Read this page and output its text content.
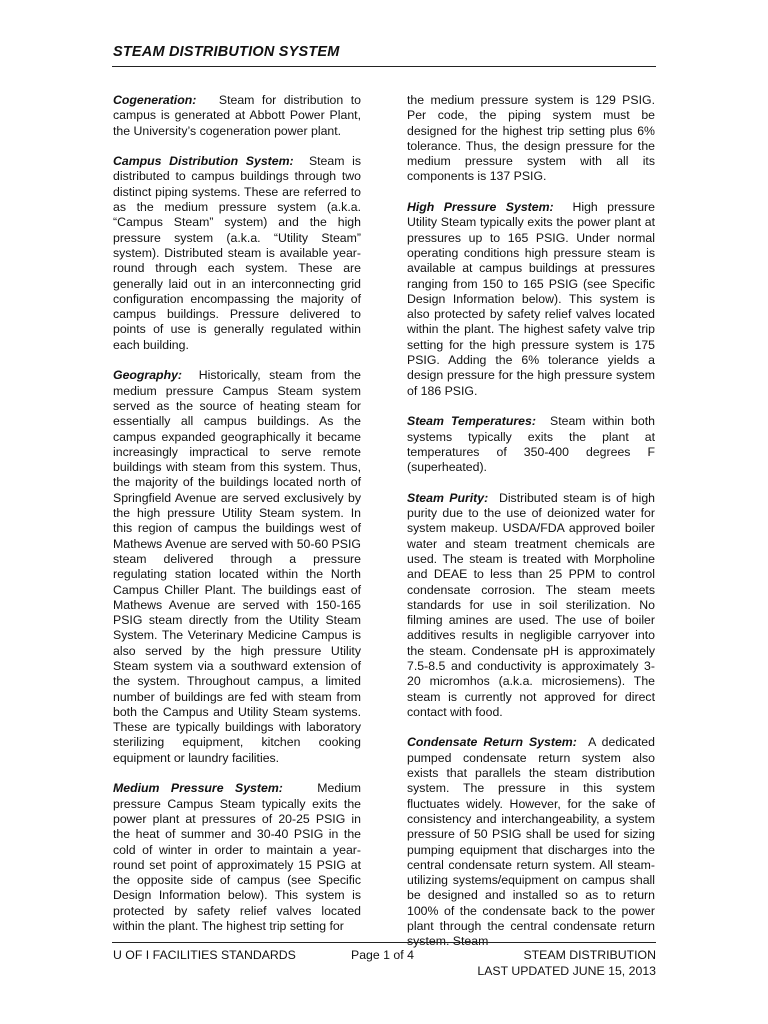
STEAM DISTRIBUTION SYSTEM

Cogeneration: Steam for distribution to campus is generated at Abbott Power Plant, the University’s cogeneration power plant.

Campus Distribution System: Steam is distributed to campus buildings through two distinct piping systems. These are referred to as the medium pressure system (a.k.a. “Campus Steam” system) and the high pressure system (a.k.a. “Utility Steam” system). Distributed steam is available year-round through each system. These are generally laid out in an interconnecting grid configuration encompassing the majority of campus buildings. Pressure delivered to points of use is generally regulated within each building.

Geography: Historically, steam from the medium pressure Campus Steam system served as the source of heating steam for essentially all campus buildings. As the campus expanded geographically it became increasingly impractical to serve remote buildings with steam from this system. Thus, the majority of the buildings located north of Springfield Avenue are served exclusively by the high pressure Utility Steam system. In this region of campus the buildings west of Mathews Avenue are served with 50-60 PSIG steam delivered through a pressure regulating station located within the North Campus Chiller Plant. The buildings east of Mathews Avenue are served with 150-165 PSIG steam directly from the Utility Steam System. The Veterinary Medicine Campus is also served by the high pressure Utility Steam system via a southward extension of the system. Throughout campus, a limited number of buildings are fed with steam from both the Campus and Utility Steam systems. These are typically buildings with laboratory sterilizing equipment, kitchen cooking equipment or laundry facilities.

Medium Pressure System:	Medium pressure Campus Steam typically exits the power plant at pressures of 20-25 PSIG in the heat of summer and 30-40 PSIG in the cold of winter in order to maintain a year-round set point of approximately 15 PSIG at the opposite side of campus (see Specific Design Information below). This system is protected by safety relief valves located within the plant. The highest trip setting for

the medium pressure system is 129 PSIG. Per code, the piping system must be designed for the highest trip setting plus 6% tolerance. Thus, the design pressure for the medium pressure system with all its components is 137 PSIG.

High Pressure System: High pressure Utility Steam typically exits the power plant at pressures up to 165 PSIG. Under normal operating conditions high pressure steam is available at campus buildings at pressures ranging from 150 to 165 PSIG (see Specific Design Information below). This system is also protected by safety relief valves located within the plant. The highest safety valve trip setting for the high pressure system is 175 PSIG. Adding the 6% tolerance yields a design pressure for the high pressure system of 186 PSIG.

Steam Temperatures: Steam within both systems typically exits the plant at temperatures of 350-400 degrees F (superheated).

Steam Purity: Distributed steam is of high purity due to the use of deionized water for system makeup. USDA/FDA approved boiler water and steam treatment chemicals are used. The steam is treated with Morpholine and DEAE to less than 25 PPM to control condensate corrosion. The steam meets standards for use in soil sterilization. No filming amines are used. The use of boiler additives results in negligible carryover into the steam. Condensate pH is approximately 7.5-8.5 and conductivity is approximately 3-20 micromhos (a.k.a. microsiemens). The steam is currently not approved for direct contact with food.

Condensate Return System: A dedicated pumped condensate return system also exists that parallels the steam distribution system. The pressure in this system fluctuates widely. However, for the sake of consistency and interchangeability, a system pressure of 50 PSIG shall be used for sizing pumping equipment that discharges into the central condensate return system. All steam-utilizing systems/equipment on campus shall be designed and installed so as to return 100% of the condensate back to the power plant through the central condensate return system. Steam

U OF I FACILITIES STANDARDS	Page 1 of 4	STEAM DISTRIBUTION
LAST UPDATED JUNE 15, 2013
